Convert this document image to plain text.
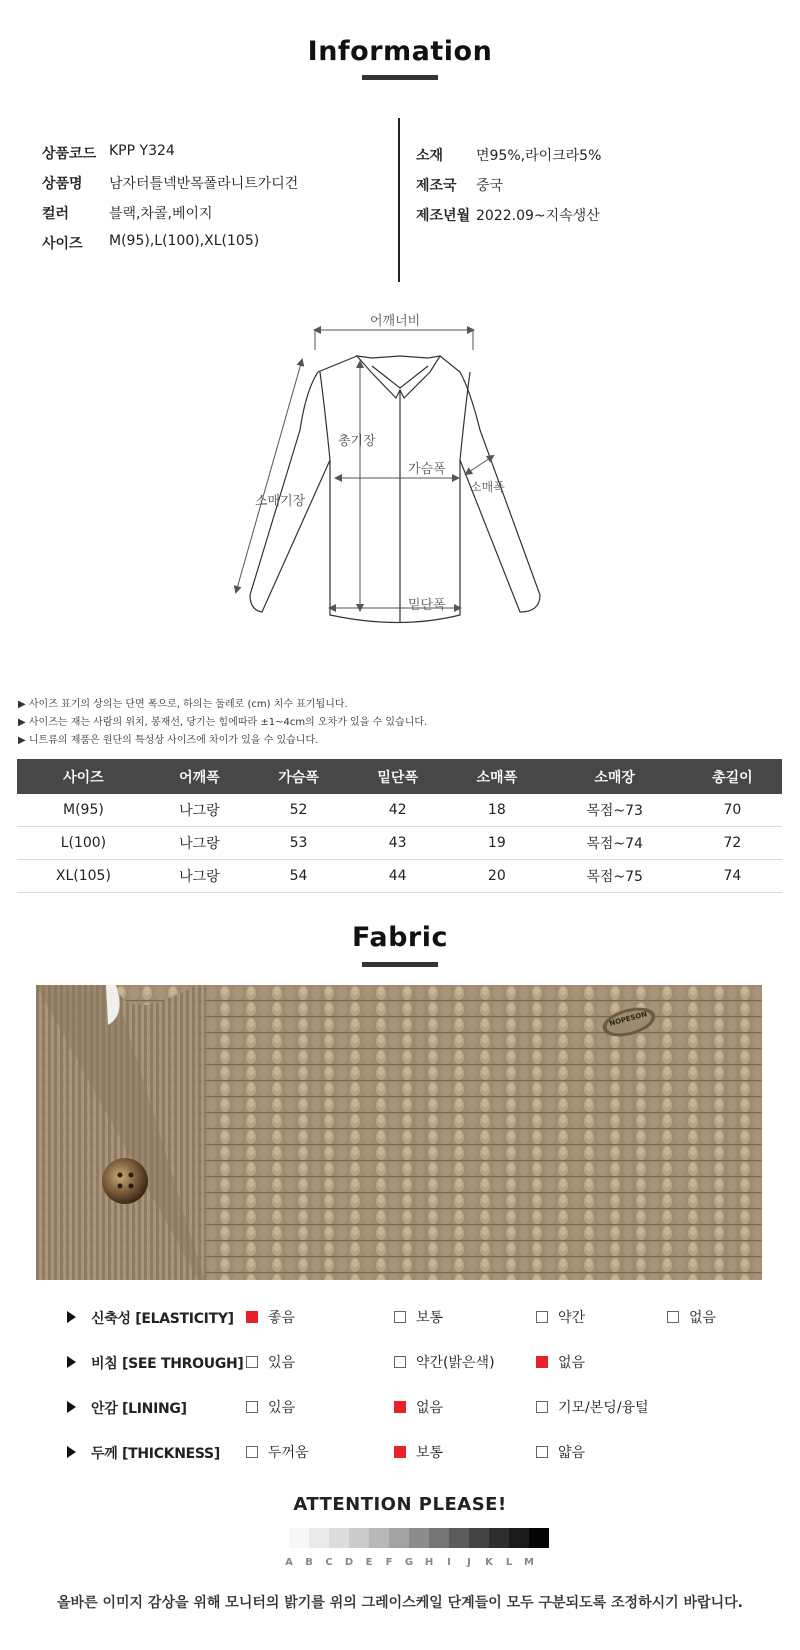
Information
상품코드 KPP Y324
상품명 남자터틀넥반목폴라니트가디건
컬러	블랙,차콜,베이지
사이즈 M(95),L(100),XL(105)
소재 면95%,라이크라5%
제조국 중국
제조년월 2022.09~지속생산
어깨너비
총기장
가슴폭
소매폭
소매기장
밑단폭
▶ 사이즈 표기의 상의는 단면 폭으로, 하의는 둘레로 (cm) 치수 표기됩니다.
▶ 사이즈는 재는 사람의 위치, 봉재선, 당기는 힘에따라 ±1~4cm의 오차가 있을 수 있습니다.
▶ 니트류의 제품은 원단의 특성상 사이즈에 차이가 있을 수 있습니다.
사이즈	어깨폭	가슴폭	밑단폭	소매폭	소매장	총길이
M(95)	나그랑	52	42	18	목점~73	70
L(100)	나그랑	53	43	19	목점~74	72
XL(105)	나그랑	54	44	20	목점~75	74
Fabric
NOPESON
신축성 [ELASTICITY]	좋음	보통	약간	없음
비침 [SEE THROUGH]	있음	약간(밝은색)	없음
안감 [LINING]	있음	없음	기모/본딩/융털
두께 [THICKNESS]	두꺼움	보통	얇음
ATTENTION PLEASE!
A	B	C	D	E	F	G	H	I	J	K	L	M
올바른 이미지 감상을 위해 모니터의 밝기를 위의 그레이스케일 단계들이 모두 구분되도록 조정하시기 바랍니다.
